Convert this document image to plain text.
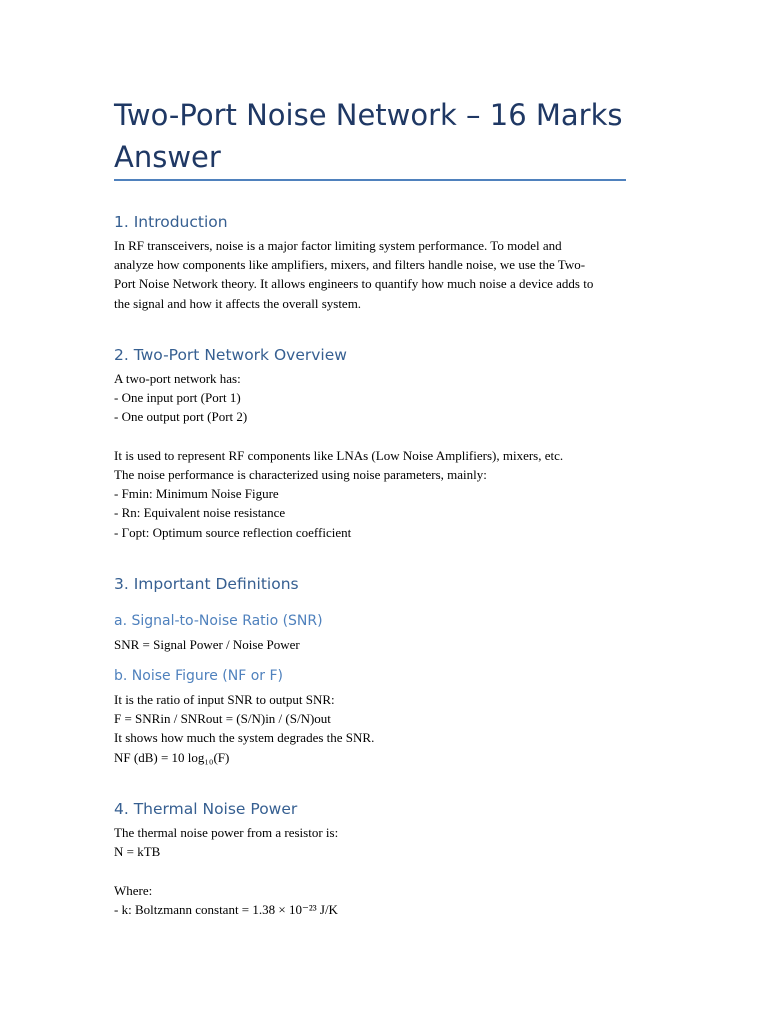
Two-Port Noise Network – 16 Marks
Answer
1. Introduction
In RF transceivers, noise is a major factor limiting system performance. To model and
analyze how components like amplifiers, mixers, and filters handle noise, we use the Two-
Port Noise Network theory. It allows engineers to quantify how much noise a device adds to
the signal and how it affects the overall system.
2. Two-Port Network Overview
A two-port network has:
- One input port (Port 1)
- One output port (Port 2)
It is used to represent RF components like LNAs (Low Noise Amplifiers), mixers, etc.
The noise performance is characterized using noise parameters, mainly:
- Fmin: Minimum Noise Figure
- Rn: Equivalent noise resistance
- Γopt: Optimum source reflection coefficient
3. Important Definitions
a. Signal-to-Noise Ratio (SNR)
SNR = Signal Power / Noise Power
b. Noise Figure (NF or F)
It is the ratio of input SNR to output SNR:
F = SNRin / SNRout = (S/N)in / (S/N)out
It shows how much the system degrades the SNR.
NF (dB) = 10 log₁₀(F)
4. Thermal Noise Power
The thermal noise power from a resistor is:
N = kTB
Where:
- k: Boltzmann constant = 1.38 × 10⁻²³ J/K
